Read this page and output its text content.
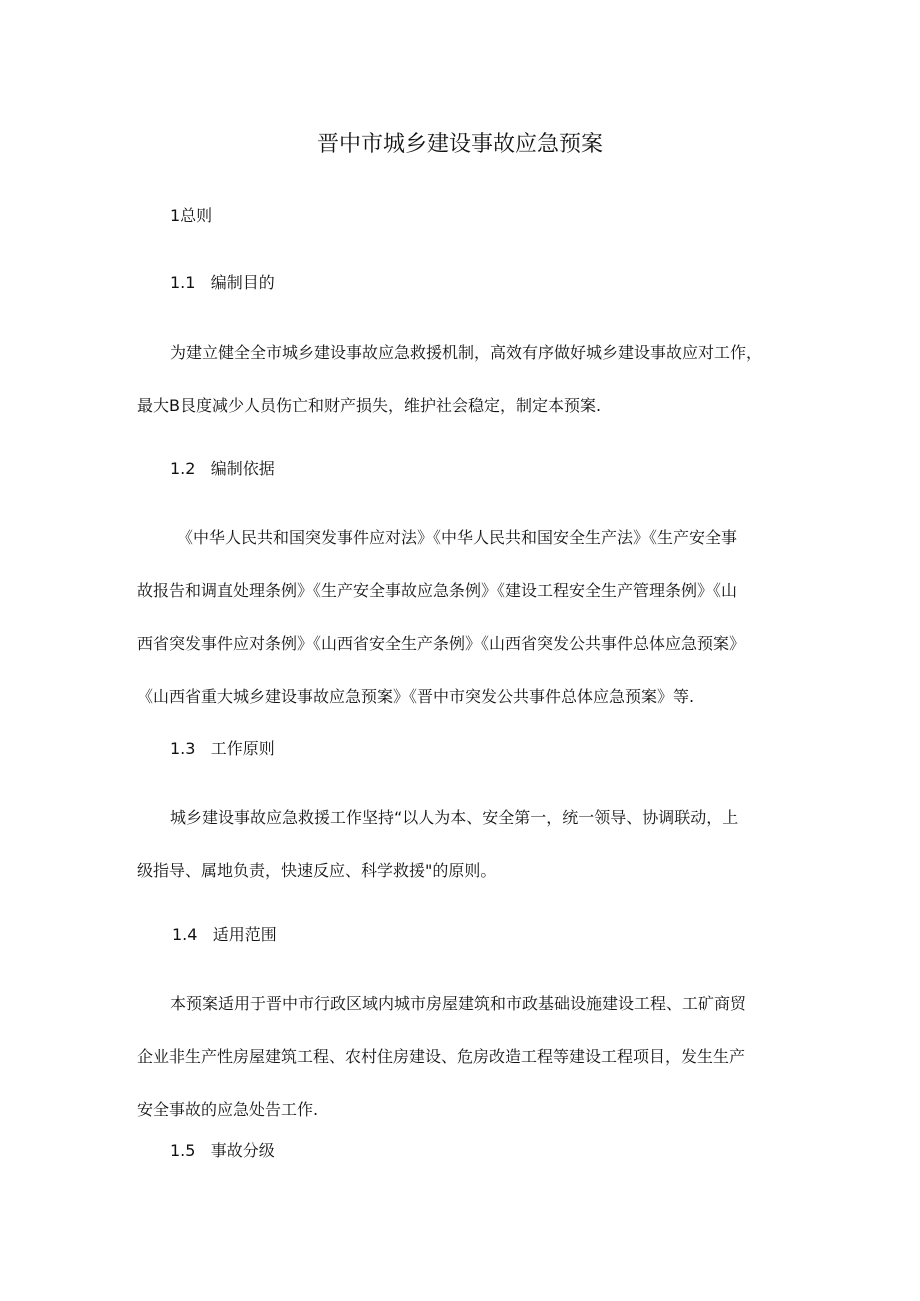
晋中市城乡建设事故应急预案
1总则
1.1 编制目的
为建立健全全市城乡建设事故应急救援机制，高效有序做好城乡建设事故应对工作，
最大B艮度减少人员伤亡和财产损失，维护社会稳定，制定本预案.
1.2 编制依据
《中华人民共和国突发事件应对法》《中华人民共和国安全生产法》《生产安全事
故报告和调直处理条例》《生产安全事故应急条例》《建设工程安全生产管理条例》《山
西省突发事件应对条例》《山西省安全生产条例》《山西省突发公共事件总体应急预案》
《山西省重大城乡建设事故应急预案》《晋中市突发公共事件总体应急预案》等.
1.3 工作原则
城乡建设事故应急救援工作坚持“以人为本、安全第一，统一领导、协调联动，上
级指导、属地负责，快速反应、科学救援"的原则。
1.4 适用范围
本预案适用于晋中市行政区域内城市房屋建筑和市政基础设施建设工程、工矿商贸
企业非生产性房屋建筑工程、农村住房建设、危房改造工程等建设工程项目，发生生产
安全事故的应急处告工作.
1.5 事故分级
